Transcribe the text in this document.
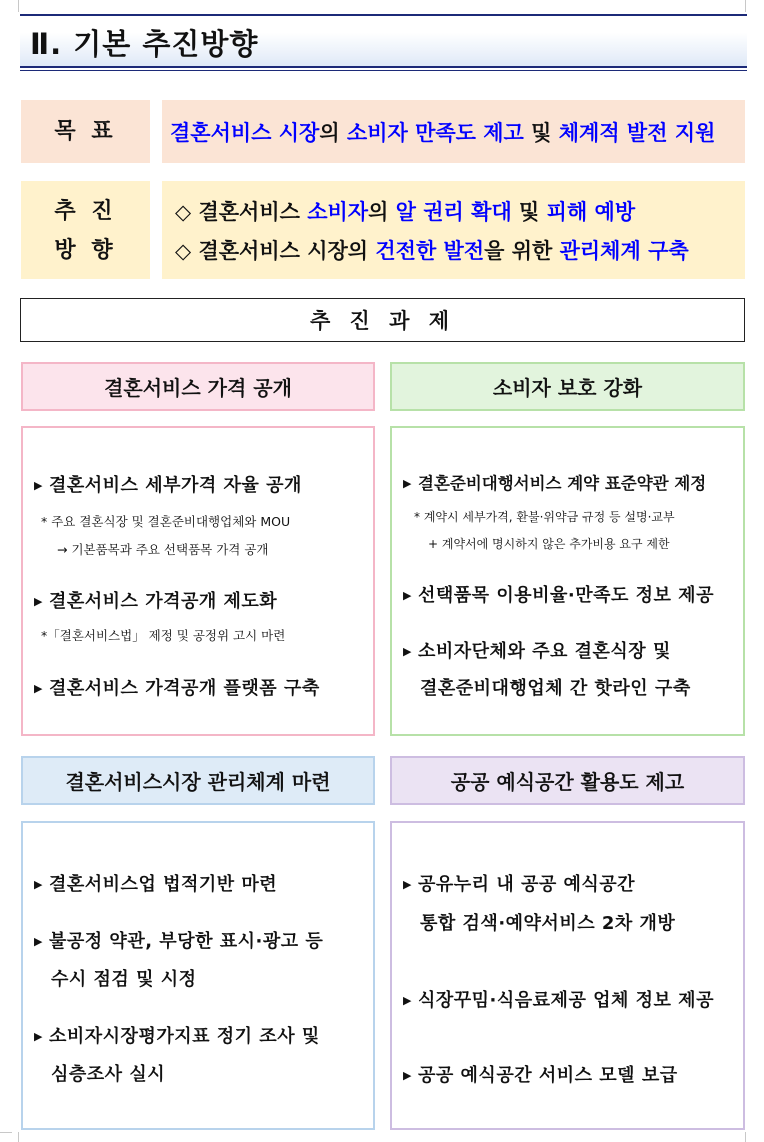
Ⅱ. 기본 추진방향
목 표	결혼서비스 시장의 소비자 만족도 제고 및 체계적 발전 지원
추 진
방 향
◇ 결혼서비스 소비자의 알 권리 확대 및 피해 예방
◇ 결혼서비스 시장의 건전한 발전을 위한 관리체계 구축
추 진 과 제
결혼서비스 가격 공개
▶ 결혼서비스 세부가격 자율 공개
* 주요 결혼식장 및 결혼준비대행업체와 MOU
→ 기본품목과 주요 선택품목 가격 공개
▶ 결혼서비스 가격공개 제도화
*「결혼서비스법」 제정 및 공정위 고시 마련
▶ 결혼서비스 가격공개 플랫폼 구축
소비자 보호 강화
▶ 결혼준비대행서비스 계약 표준약관 제정
* 계약시 세부가격, 환불·위약금 규정 등 설명·교부
+ 계약서에 명시하지 않은 추가비용 요구 제한
▶ 선택품목 이용비율·만족도 정보 제공
▶ 소비자단체와 주요 결혼식장 및
결혼준비대행업체 간 핫라인 구축
결혼서비스시장 관리체계 마련
▶ 결혼서비스업 법적기반 마련
▶ 불공정 약관, 부당한 표시·광고 등
수시 점검 및 시정
▶ 소비자시장평가지표 정기 조사 및
심층조사 실시
공공 예식공간 활용도 제고
▶ 공유누리 내 공공 예식공간
통합 검색·예약서비스 2차 개방
▶ 식장꾸밈·식음료제공 업체 정보 제공
▶ 공공 예식공간 서비스 모델 보급
